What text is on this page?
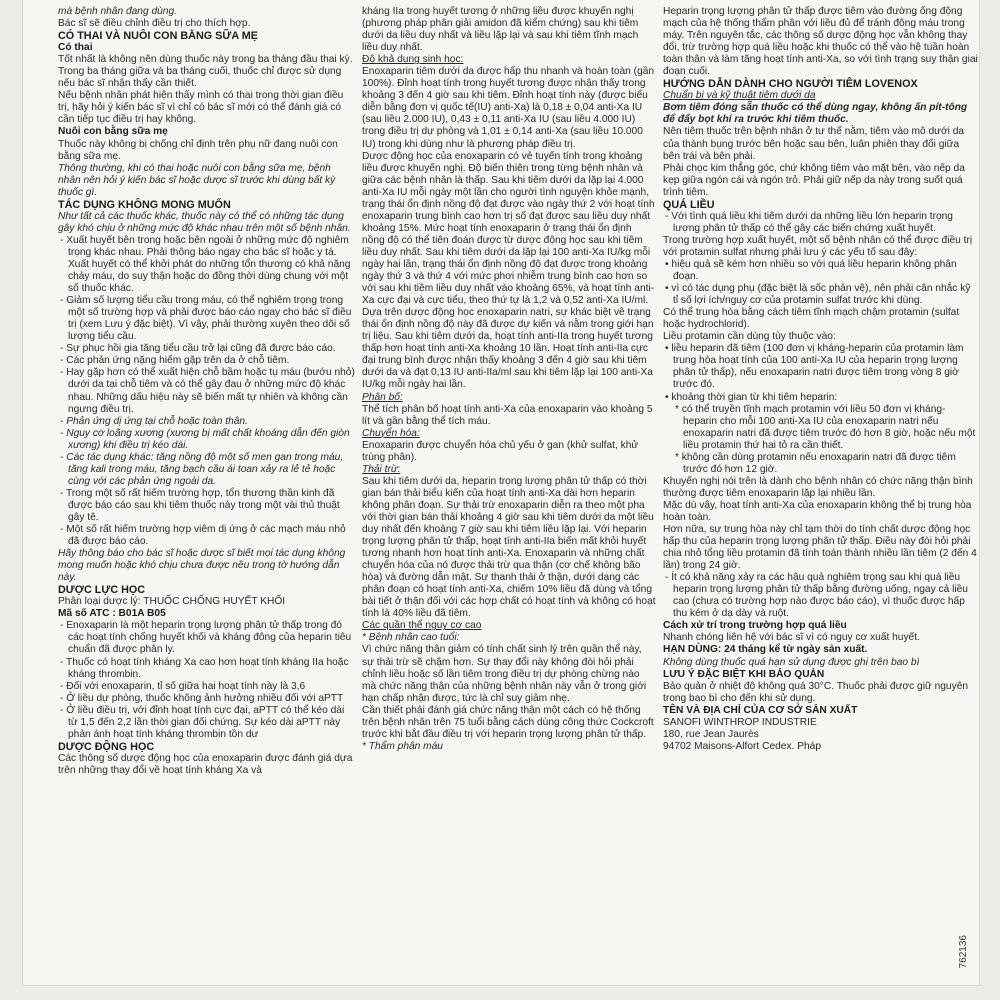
mà bệnh nhân đang dùng.

Bác sĩ sẽ điều chỉnh điều trị cho thích hợp.

CÓ THAI VÀ NUÔI CON BẰNG SỮA MẸ

Có thai

Tốt nhất là không nên dùng thuốc này trong ba tháng đầu thai kỳ. Trong ba tháng giữa và ba tháng cuối, thuốc chỉ được sử dụng nếu bác sĩ nhận thấy cần thiết.

Nếu bệnh nhân phát hiện thấy mình có thai trong thời gian điều trị, hãy hỏi ý kiến bác sĩ vì chỉ có bác sĩ mới có thể đánh giá có cần tiếp tục điều trị hay không.

Nuôi con bằng sữa mẹ

Thuốc này không bị chống chỉ định trên phụ nữ đang nuôi con bằng sữa mẹ.

Thông thường, khi có thai hoặc nuôi con bằng sữa mẹ, bệnh nhân nên hỏi ý kiến bác sĩ hoặc dược sĩ trước khi dùng bất kỳ thuốc gì.

TÁC DỤNG KHÔNG MONG MUỐN

Như tất cả các thuốc khác, thuốc này có thể có những tác dụng gây khó chịu ở những mức độ khác nhau trên một số bệnh nhân.

- Xuất huyết bên trong hoặc bên ngoài ở những mức độ nghiêm trọng khác nhau. Phải thông báo ngay cho bác sĩ hoặc y tá. Xuất huyết có thể khởi phát do những tổn thương có khả năng chảy máu, do suy thận hoặc do đồng thời dùng chung với một số thuốc khác.

- Giảm số lượng tiểu cầu trong máu, có thể nghiêm trọng trong một số trường hợp và phải được báo cáo ngay cho bác sĩ điều trị (xem Lưu ý đặc biệt). Vì vậy, phải thường xuyên theo dõi số lượng tiểu cầu.

- Sự phục hồi gia tăng tiểu cầu trở lại cũng đã được báo cáo.

- Các phản ứng nặng hiếm gặp trên da ở chỗ tiêm.

- Hay gặp hơn có thể xuất hiện chỗ bầm hoặc tụ máu (bướu nhỏ) dưới da tại chỗ tiêm và có thể gây đau ở những mức độ khác nhau. Những dấu hiệu này sẽ biến mất tự nhiên và không cần ngưng điều trị.

- Phản ứng dị ứng tại chỗ hoặc toàn thân.

- Nguy cơ loãng xương (xương bị mất chất khoáng dẫn đến giòn xương) khi điều trị kéo dài.

- Các tác dụng khác: tăng nồng độ một số men gan trong máu, tăng kali trong máu, tăng bạch cầu ái toan xảy ra lẻ tẻ hoặc cùng với các phản ứng ngoài da.

- Trong một số rất hiếm trường hợp, tổn thương thần kinh đã được báo cáo sau khi tiêm thuốc này trong một vài thủ thuật gây tê.

- Một số rất hiếm trường hợp viêm dị ứng ở các mạch máu nhỏ đã được báo cáo.

Hãy thông báo cho bác sĩ hoặc dược sĩ biết mọi tác dụng không mong muốn hoặc khó chịu chưa được nêu trong tờ hướng dẫn này.

DƯỢC LỰC HỌC

Phân loại dược lý: THUỐC CHỐNG HUYẾT KHỐI

Mã số ATC : B01A B05

- Enoxaparin là một heparin trọng lượng phân tử thấp trong đó các hoạt tính chống huyết khối và kháng đông của heparin tiêu chuẩn đã được phân ly.

- Thuốc có hoạt tính kháng Xa cao hơn hoạt tính kháng IIa hoặc kháng thrombin.

- Đối với enoxaparin, tỉ số giữa hai hoạt tính này là 3,6

- Ở liều dự phòng, thuốc không ảnh hưởng nhiều đối với aPTT

- Ở liều điều trị, với đỉnh hoạt tính cực đại, aPTT có thể kéo dài từ 1,5 đến 2,2 lần thời gian đối chứng. Sự kéo dài aPTT này phản ánh hoạt tính kháng thrombin tồn dư

DƯỢC ĐỘNG HỌC

Các thông số dược động học của enoxaparin được đánh giá dựa trên những thay đổi về hoạt tính kháng Xa và

kháng IIa trong huyết tương ở những liều được khuyến nghị (phương pháp phân giải amidon đã kiểm chứng) sau khi tiêm dưới da liều duy nhất và liều lặp lại và sau khi tiêm tĩnh mạch liều duy nhất.

Độ khả dụng sinh học:

Enoxaparin tiêm dưới da được hấp thu nhanh và hoàn toàn (gần 100%). Đỉnh hoạt tính trong huyết tương được nhận thấy trong khoảng 3 đến 4 giờ sau khi tiêm. Đỉnh hoạt tính này (được biểu diễn bằng đơn vị quốc tế(IU) anti-Xa) là 0,18 ± 0,04 anti-Xa IU (sau liều 2.000 IU), 0,43 ± 0,11 anti-Xa IU (sau liều 4.000 IU) trong điều trị dự phòng và 1,01 ± 0,14 anti-Xa (sau liều 10.000 IU) trong khi dùng như là phương pháp điều trị.

Dược động học của enoxaparin có vẻ tuyến tính trong khoảng liều được khuyến nghị. Độ biến thiên trong từng bệnh nhân và giữa các bệnh nhân là thấp. Sau khi tiêm dưới da lặp lại 4.000 anti-Xa IU mỗi ngày một lần cho người tình nguyện khỏe mạnh, trạng thái ổn định nồng độ đạt được vào ngày thứ 2 với hoạt tính enoxaparin trung bình cao hơn trị số đạt được sau liều duy nhất khoảng 15%. Mức hoạt tính enoxaparin ở trạng thái ổn định nồng độ có thể tiên đoán được từ dược động học sau khi tiêm liều duy nhất. Sau khi tiêm dưới da lặp lại 100 anti-Xa IU/kg mỗi ngày hai lần, trạng thái ổn định nồng độ đạt được trong khoảng ngày thứ 3 và thứ 4 với mức phơi nhiễm trung bình cao hơn so với sau khi tiêm liều duy nhất vào khoảng 65%, và hoạt tính anti-Xa cực đại và cực tiểu, theo thứ tự là 1,2 và 0,52 anti-Xa IU/ml. Dựa trên dược động học enoxaparin natri, sự khác biệt về trạng thái ổn định nồng độ này đã được dự kiến và nằm trong giới hạn trị liệu. Sau khi tiêm dưới da, hoạt tính anti-IIa trong huyết tương thấp hơn hoạt tính anti-Xa khoảng 10 lần. Hoạt tính anti-IIa cực đại trung bình được nhận thấy khoảng 3 đến 4 giờ sau khi tiêm dưới da và đạt 0,13 IU anti-IIa/ml sau khi tiêm lặp lại 100 anti-Xa IU/kg mỗi ngày hai lần.

Phân bố:

Thể tích phân bố hoạt tính anti-Xa của enoxaparin vào khoảng 5 lít và gần bằng thể tích máu.

Chuyển hóa:

Enoxaparin được chuyển hóa chủ yếu ở gan (khử sulfat, khử trùng phân).

Thải trừ:

Sau khi tiêm dưới da, heparin trọng lượng phân tử thấp có thời gian bán thải biểu kiến của hoạt tính anti-Xa dài hơn heparin không phân đoạn. Sự thải trừ enoxaparin diễn ra theo một pha với thời gian bán thải khoảng 4 giờ sau khi tiêm dưới da một liều duy nhất đến khoảng 7 giờ sau khi tiêm liều lặp lại. Với heparin trọng lượng phân tử thấp, hoạt tính anti-IIa biến mất khỏi huyết tương nhanh hơn hoạt tính anti-Xa. Enoxaparin và những chất chuyển hóa của nó được thải trừ qua thận (cơ chế không bão hòa) và đường dẫn mật. Sự thanh thải ở thận, dưới dạng các phân đoạn có hoạt tính anti-Xa, chiếm 10% liều đã dùng và tổng bài tiết ở thận đối với các hợp chất có hoạt tính và không có hoạt tính là 40% liều đã tiêm.

Các quần thể nguy cơ cao

* Bệnh nhân cao tuổi:

Vì chức năng thận giảm có tính chất sinh lý trên quần thể này, sự thải trừ sẽ chậm hơn. Sự thay đổi này không đòi hỏi phải chỉnh liều hoặc số lần tiêm trong điều trị dự phòng chừng nào mà chức năng thận của những bệnh nhân này vẫn ở trong giới hạn chấp nhận được, tức là chỉ suy giảm nhẹ.

Cần thiết phải đánh giá chức năng thận một cách có hệ thống trên bệnh nhân trên 75 tuổi bằng cách dùng công thức Cockcroft trước khi bắt đầu điều trị với heparin trọng lượng phân tử thấp.

* Thẩm phân máu

Heparin trọng lượng phân tử thấp được tiêm vào đường ống động mạch của hệ thống thẩm phân với liều đủ để tránh đông máu trong máy. Trên nguyên tắc, các thông số dược động học vẫn không thay đổi, trừ trường hợp quá liều hoặc khi thuốc có thể vào hệ tuần hoàn toàn thân và làm tăng hoạt tính anti-Xa, so với tình trạng suy thận giai đoạn cuối.

HƯỚNG DẪN DÀNH CHO NGƯỜI TIÊM LOVENOX

Chuẩn bị và kỹ thuật tiêm dưới da

Bơm tiêm đóng sẵn thuốc có thể dùng ngay, không ấn pít-tông để đẩy bọt khí ra trước khi tiêm thuốc.

Nên tiêm thuốc trên bệnh nhân ở tư thế nằm, tiêm vào mô dưới da của thành bụng trước bên hoặc sau bên, luân phiên thay đổi giữa bên trái và bên phải.

Phải chọc kim thẳng góc, chứ không tiêm vào mặt bên, vào nếp da kẹp giữa ngón cái và ngón trỏ. Phải giữ nếp da này trong suốt quá trình tiêm.

QUÁ LIỀU

- Với tình quá liều khi tiêm dưới da những liều lớn heparin trọng lượng phân tử thấp có thể gây các biến chứng xuất huyết.

Trong trường hợp xuất huyết, một số bệnh nhân có thể được điều trị với protamin sulfat nhưng phải lưu ý các yếu tố sau đây:

• hiệu quả sẽ kém hơn nhiều so với quá liều heparin không phân đoạn.

• vì có tác dụng phụ (đặc biệt là sốc phản vệ), nên phải cân nhắc kỹ tỉ số lợi ích/nguy cơ của protamin sulfat trước khi dùng.

Có thể trung hòa bằng cách tiêm tĩnh mạch chậm protamin (sulfat hoặc hydrochlorid).

Liều protamin cần dùng tùy thuộc vào:

• liều heparin đã tiêm (100 đơn vị kháng-heparin của protamin làm trung hòa hoạt tính của 100 anti-Xa IU của heparin trọng lượng phân tử thấp), nếu enoxaparin natri được tiêm trong vòng 8 giờ trước đó.

• khoảng thời gian từ khi tiêm heparin:

* có thể truyền tĩnh mạch protamin với liều 50 đơn vị kháng-heparin cho mỗi 100 anti-Xa IU của enoxaparin natri nếu enoxaparin natri đã được tiêm trước đó hơn 8 giờ, hoặc nếu một liều protamin thứ hai tỏ ra cần thiết.

* không cần dùng protamin nếu enoxaparin natri đã được tiêm trước đó hơn 12 giờ.

Khuyến nghị nói trên là dành cho bệnh nhân có chức năng thận bình thường được tiêm enoxaparin lặp lại nhiều lần.

Mặc dù vậy, hoạt tính anti-Xa của enoxaparin không thể bị trung hòa hoàn toàn.

Hơn nữa, sự trung hòa này chỉ tạm thời do tính chất dược động học hấp thu của heparin trọng lượng phân tử thấp. Điều này đòi hỏi phải chia nhỏ tổng liều protamin đã tính toán thành nhiều lần tiêm (2 đến 4 lần) trong 24 giờ.

- Ít có khả năng xảy ra các hậu quả nghiêm trọng sau khi quá liều heparin trọng lượng phân tử thấp bằng đường uống, ngay cả liều cao (chưa có trường hợp nào được báo cáo), vì thuốc được hấp thu kém ở dạ dày và ruột.

Cách xử trí trong trường hợp quá liều

Nhanh chóng liên hệ với bác sĩ vì có nguy cơ xuất huyết.

HẠN DÙNG: 24 tháng kể từ ngày sản xuất.

Không dùng thuốc quá hạn sử dụng được ghi trên bao bì

LƯU Ý ĐẶC BIỆT KHI BẢO QUẢN

Bảo quản ở nhiệt độ không quá 30°C. Thuốc phải được giữ nguyên trong bao bì cho đến khi sử dụng.

TÊN VÀ ĐỊA CHỈ CỦA CƠ SỞ SẢN XUẤT

SANOFI WINTHROP INDUSTRIE

180, rue Jean Jaurès

94702 Maisons-Alfort Cedex. Pháp

762136
